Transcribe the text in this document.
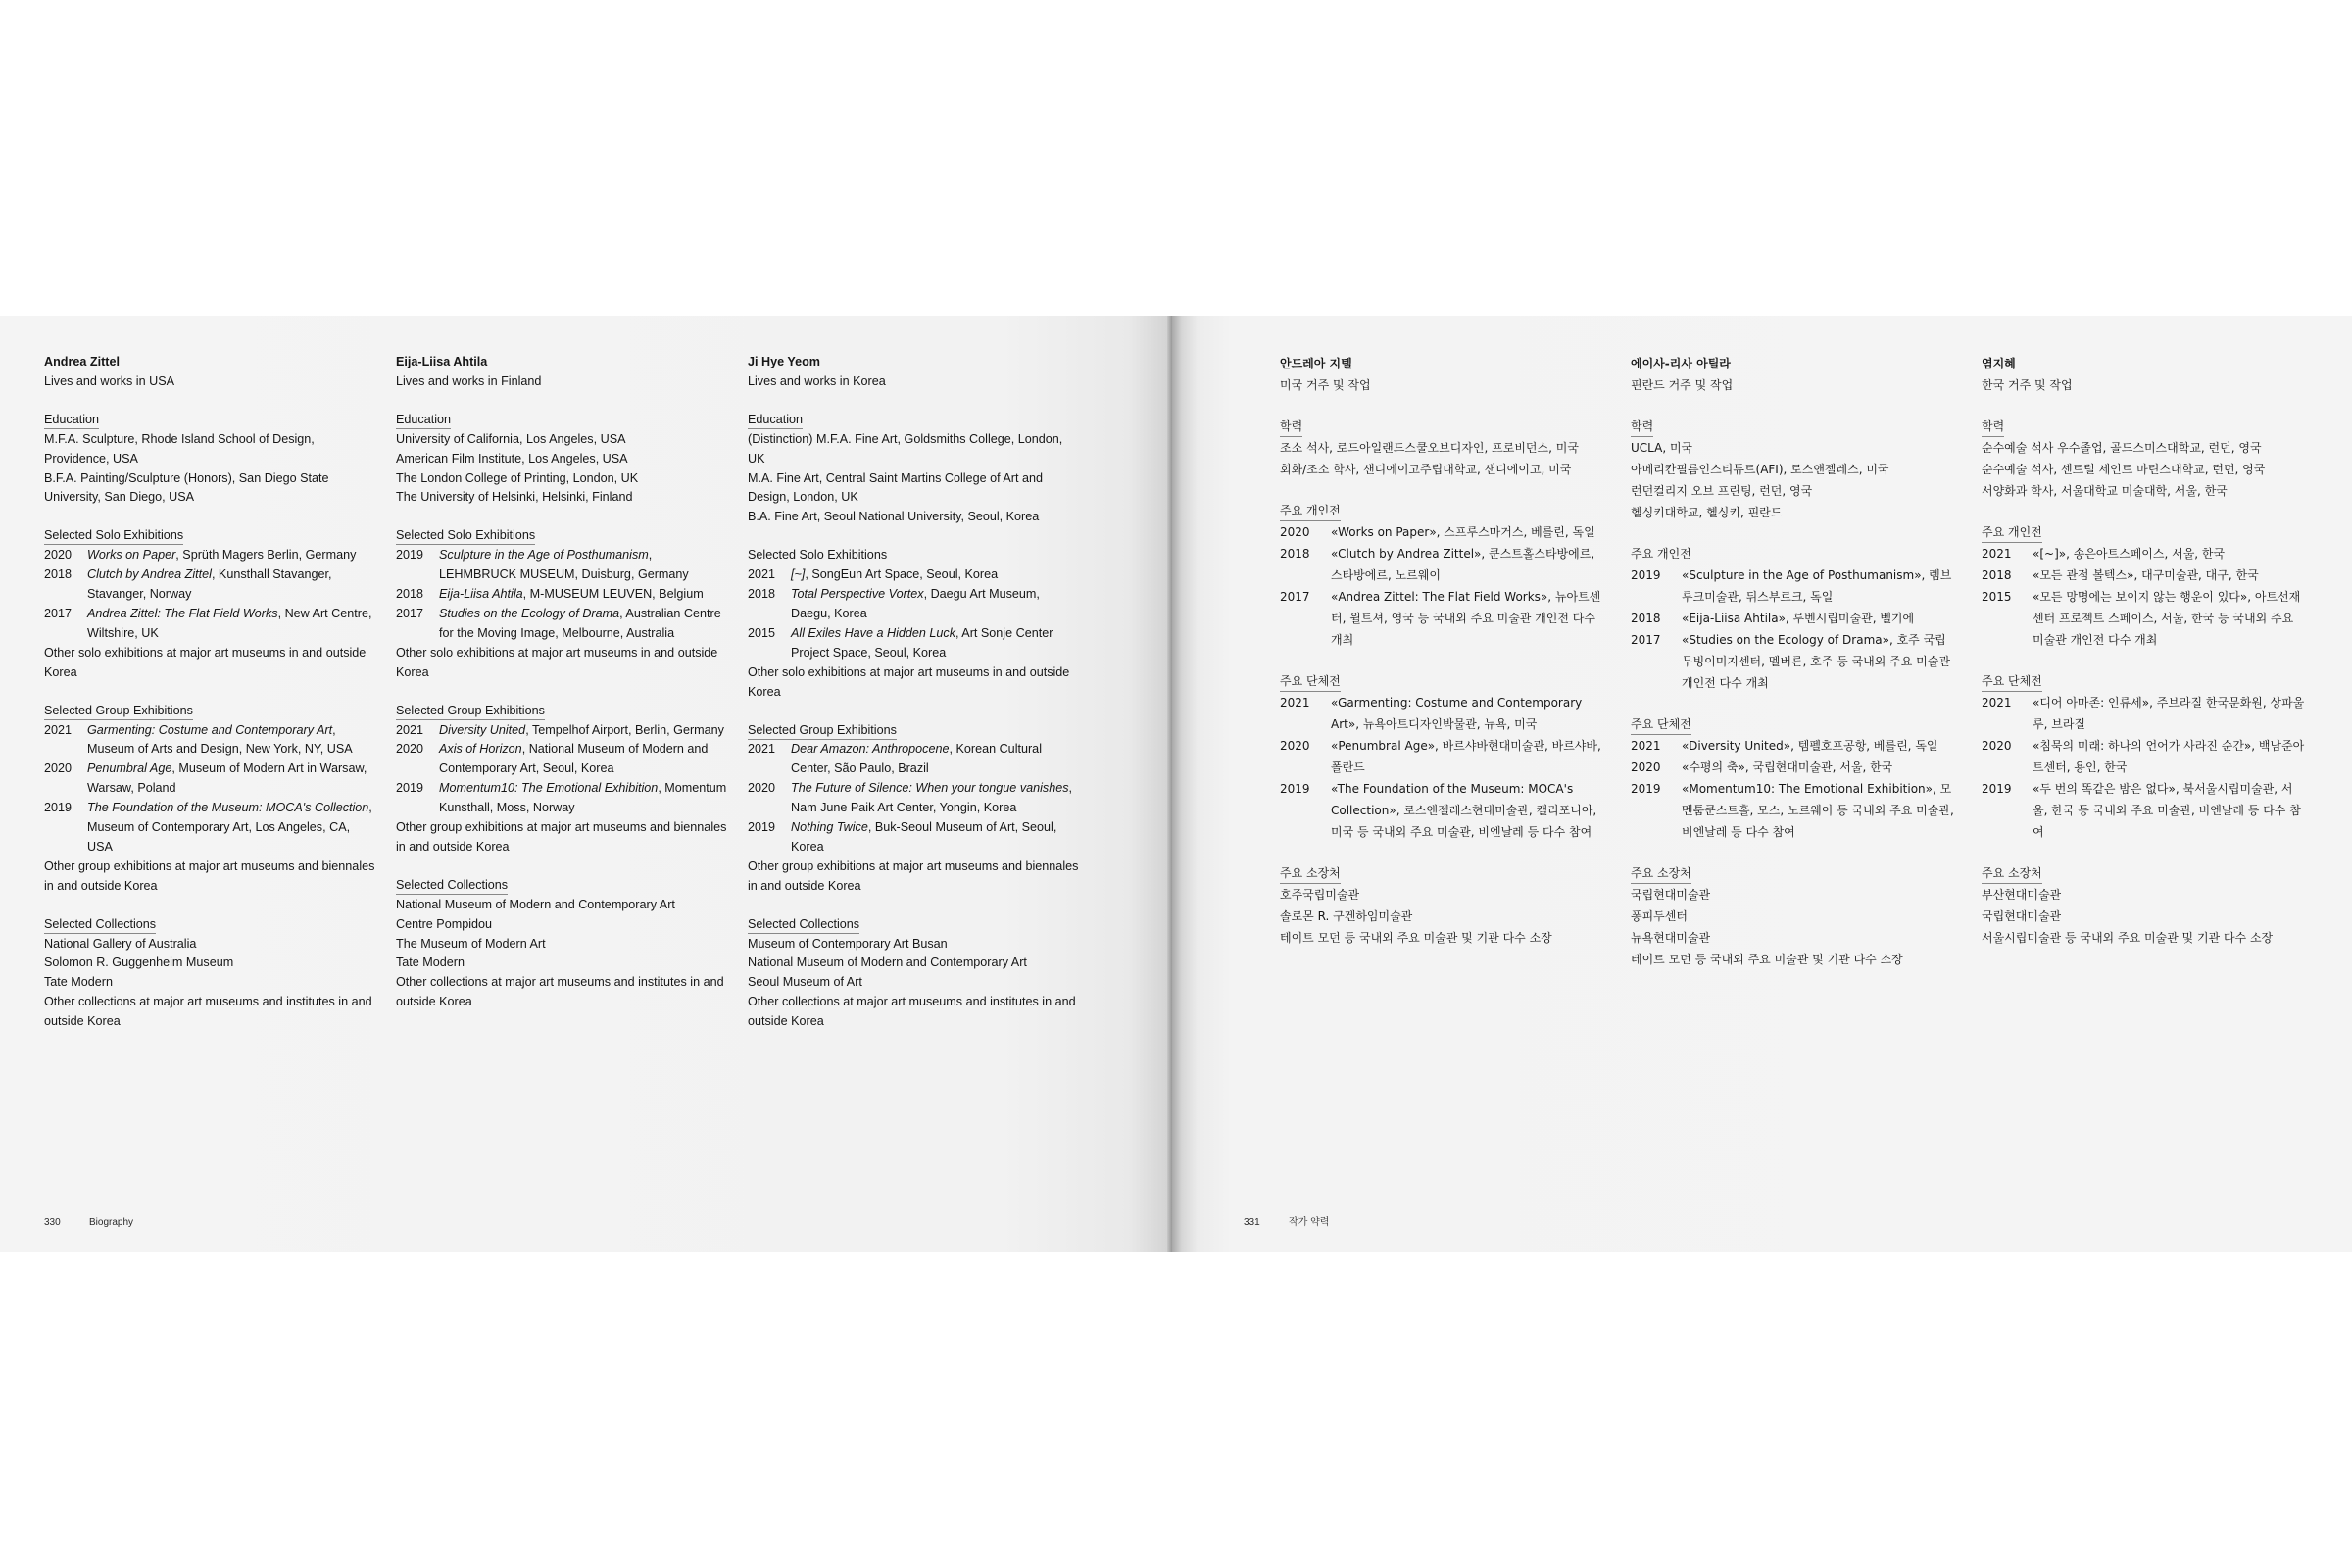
Andrea Zittel
Lives and works in USA
Education
M.F.A. Sculpture, Rhode Island School of Design, Providence, USA
B.F.A. Painting/Sculpture (Honors), San Diego State University, San Diego, USA
Selected Solo Exhibitions
2020 Works on Paper, Sprüth Magers Berlin, Germany
2018 Clutch by Andrea Zittel, Kunsthall Stavanger, Stavanger, Norway
2017 Andrea Zittel: The Flat Field Works, New Art Centre, Wiltshire, UK
Other solo exhibitions at major art museums in and outside Korea
Selected Group Exhibitions
2021 Garmenting: Costume and Contemporary Art, Museum of Arts and Design, New York, NY, USA
2020 Penumbral Age, Museum of Modern Art in Warsaw, Warsaw, Poland
2019 The Foundation of the Museum: MOCA's Collection, Museum of Contemporary Art, Los Angeles, CA, USA
Other group exhibitions at major art museums and biennales in and outside Korea
Selected Collections
National Gallery of Australia
Solomon R. Guggenheim Museum
Tate Modern
Other collections at major art museums and institutes in and outside Korea
Eija-Liisa Ahtila
Lives and works in Finland
Education
University of California, Los Angeles, USA
American Film Institute, Los Angeles, USA
The London College of Printing, London, UK
The University of Helsinki, Helsinki, Finland
Selected Solo Exhibitions
2019 Sculpture in the Age of Posthumanism, LEHMBRUCK MUSEUM, Duisburg, Germany
2018 Eija-Liisa Ahtila, M-MUSEUM LEUVEN, Belgium
2017 Studies on the Ecology of Drama, Australian Centre for the Moving Image, Melbourne, Australia
Other solo exhibitions at major art museums in and outside Korea
Selected Group Exhibitions
2021 Diversity United, Tempelhof Airport, Berlin, Germany
2020 Axis of Horizon, National Museum of Modern and Contemporary Art, Seoul, Korea
2019 Momentum10: The Emotional Exhibition, Momentum Kunsthall, Moss, Norway
Other group exhibitions at major art museums and biennales in and outside Korea
Selected Collections
National Museum of Modern and Contemporary Art
Centre Pompidou
The Museum of Modern Art
Tate Modern
Other collections at major art museums and institutes in and outside Korea
Ji Hye Yeom
Lives and works in Korea
Education
(Distinction) M.F.A. Fine Art, Goldsmiths College, London, UK
M.A. Fine Art, Central Saint Martins College of Art and Design, London, UK
B.A. Fine Art, Seoul National University, Seoul, Korea
Selected Solo Exhibitions
2021 [~], SongEun Art Space, Seoul, Korea
2018 Total Perspective Vortex, Daegu Art Museum, Daegu, Korea
2015 All Exiles Have a Hidden Luck, Art Sonje Center Project Space, Seoul, Korea
Other solo exhibitions at major art museums in and outside Korea
Selected Group Exhibitions
2021 Dear Amazon: Anthropocene, Korean Cultural Center, São Paulo, Brazil
2020 The Future of Silence: When your tongue vanishes, Nam June Paik Art Center, Yongin, Korea
2019 Nothing Twice, Buk-Seoul Museum of Art, Seoul, Korea
Other group exhibitions at major art museums and biennales in and outside Korea
Selected Collections
Museum of Contemporary Art Busan
National Museum of Modern and Contemporary Art
Seoul Museum of Art
Other collections at major art museums and institutes in and outside Korea
330	Biography
안드레아 지텔
미국 거주 및 작업
학력
조소 석사, 로드아일랜드스쿨오브디자인, 프로비던스, 미국
회화/조소 학사, 샌디에이고주립대학교, 샌디에이고, 미국
주요 개인전
2020 «Works on Paper», 스프루스마거스, 베를린, 독일
2018 «Clutch by Andrea Zittel», 쿤스트홀스타방에르, 스타방에르, 노르웨이
2017 «Andrea Zittel: The Flat Field Works», 뉴아트센터, 윌트셔, 영국 등 국내외 주요 미술관 개인전 다수 개최
주요 단체전
2021 «Garmenting: Costume and Contemporary Art», 뉴욕아트디자인박물관, 뉴욕, 미국
2020 «Penumbral Age», 바르샤바현대미술관, 바르샤바, 폴란드
2019 «The Foundation of the Museum: MOCA's Collection», 로스앤젤레스현대미술관, 캘리포니아, 미국 등 국내외 주요 미술관, 비엔날레 등 다수 참여
주요 소장처
호주국립미술관
솔로몬 R. 구겐하임미술관
테이트 모던 등 국내외 주요 미술관 및 기관 다수 소장
에이사-리사 아틸라
핀란드 거주 및 작업
학력
UCLA, 미국
아메리칸필름인스티튜트(AFI), 로스앤젤레스, 미국
런던컬리지 오브 프린팅, 런던, 영국
헬싱키대학교, 헬싱키, 핀란드
주요 개인전
2019 «Sculpture in the Age of Posthumanism», 렘브루크미술관, 뒤스부르크, 독일
2018 «Eija-Liisa Ahtila», 루벤시립미술관, 벨기에
2017 «Studies on the Ecology of Drama», 호주 국립무빙이미지센터, 멜버른, 호주 등 국내외 주요 미술관 개인전 다수 개최
주요 단체전
2021 «Diversity United», 템펠호프공항, 베를린, 독일
2020 «수평의 축», 국립현대미술관, 서울, 한국
2019 «Momentum10: The Emotional Exhibition», 모멘툼쿤스트홀, 모스, 노르웨이 등 국내외 주요 미술관, 비엔날레 등 다수 참여
주요 소장처
국립현대미술관
퐁피두센터
뉴욕현대미술관
테이트 모던 등 국내외 주요 미술관 및 기관 다수 소장
염지혜
한국 거주 및 작업
학력
순수예술 석사 우수졸업, 골드스미스대학교, 런던, 영국
순수예술 석사, 센트럴 세인트 마틴스대학교, 런던, 영국
서양화과 학사, 서울대학교 미술대학, 서울, 한국
주요 개인전
2021 «[~]», 송은아트스페이스, 서울, 한국
2018 «모든 관점 볼텍스», 대구미술관, 대구, 한국
2015 «모든 망명에는 보이지 않는 행운이 있다», 아트선재센터 프로젝트 스페이스, 서울, 한국 등 국내외 주요 미술관 개인전 다수 개최
주요 단체전
2021 «디어 아마존: 인류세», 주브라질 한국문화원, 상파울루, 브라질
2020 «침묵의 미래: 하나의 언어가 사라진 순간», 백남준아트센터, 용인, 한국
2019 «두 번의 똑같은 밤은 없다», 북서울시립미술관, 서울, 한국 등 국내외 주요 미술관, 비엔날레 등 다수 참여
주요 소장처
부산현대미술관
국립현대미술관
서울시립미술관 등 국내외 주요 미술관 및 기관 다수 소장
331	작가 약력
